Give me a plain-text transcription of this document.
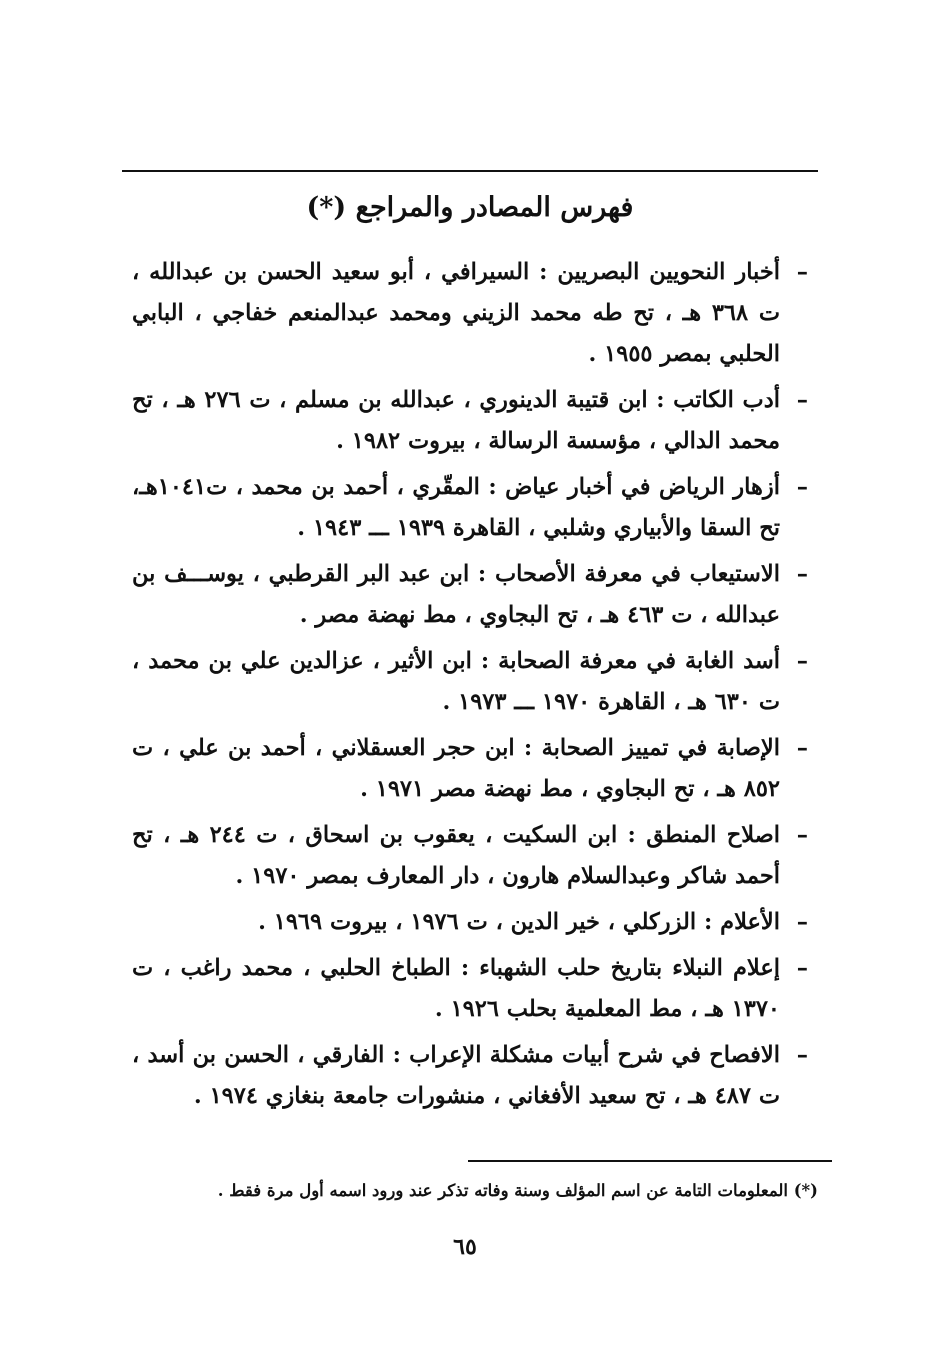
فهرس المصادر والمراجع (*)
– أخبار النحويين البصريين : السيرافي ، أبو سعيد الحسن بن عبدالله ، ت ٣٦٨ هـ ، تح طه محمد الزيني ومحمد عبدالمنعم خفاجي ، البابي الحلبي بمصر ١٩٥٥ .
– أدب الكاتب : ابن قتيبة الدينوري ، عبدالله بن مسلم ، ت ٢٧٦ هـ ، تح محمد الدالي ، مؤسسة الرسالة ، بيروت ١٩٨٢ .
– أزهار الرياض في أخبار عياض : المقّري ، أحمد بن محمد ، ت١٠٤١هـ، تح السقا والأبياري وشلبي ، القاهرة ١٩٣٩ ـــ ١٩٤٣ .
– الاستيعاب في معرفة الأصحاب : ابن عبد البر القرطبي ، يوســـف بن عبدالله ، ت ٤٦٣ هـ ، تح البجاوي ، مط نهضة مصر .
– أسد الغابة في معرفة الصحابة : ابن الأثير ، عزالدين علي بن محمد ، ت ٦٣٠ هـ ، القاهرة ١٩٧٠ ـــ ١٩٧٣ .
– الإصابة في تمييز الصحابة : ابن حجر العسقلاني ، أحمد بن علي ، ت ٨٥٢ هـ ، تح البجاوي ، مط نهضة مصر ١٩٧١ .
– اصلاح المنطق : ابن السكيت ، يعقوب بن اسحاق ، ت ٢٤٤ هـ ، تح أحمد شاكر وعبدالسلام هارون ، دار المعارف بمصر ١٩٧٠ .
– الأعلام : الزركلي ، خير الدين ، ت ١٩٧٦ ، بيروت ١٩٦٩ .
– إعلام النبلاء بتاريخ حلب الشهباء : الطباخ الحلبي ، محمد راغب ، ت ١٣٧٠ هـ ، مط المعلمية بحلب ١٩٢٦ .
– الافصاح في شرح أبيات مشكلة الإعراب : الفارقي ، الحسن بن أسد ، ت ٤٨٧ هـ ، تح سعيد الأفغاني ، منشورات جامعة بنغازي ١٩٧٤ .
(*) المعلومات التامة عن اسم المؤلف وسنة وفاته تذكر عند ورود اسمه أول مرة فقط .
٦٥
